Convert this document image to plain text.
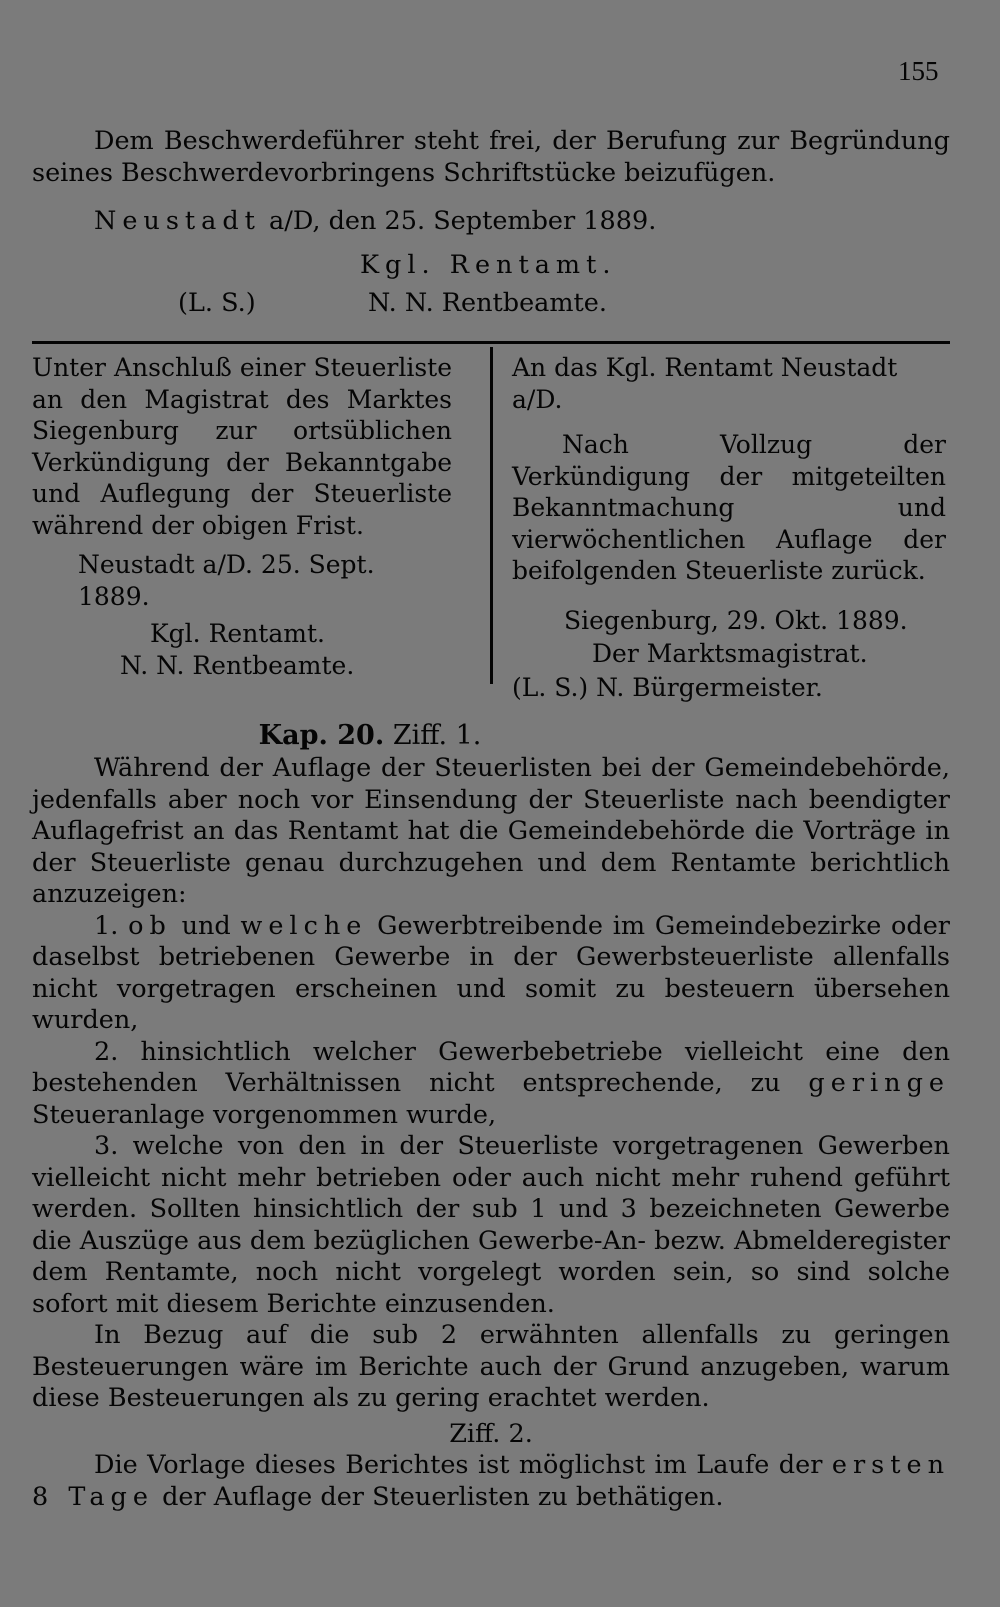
155
Dem Beschwerdeführer steht frei, der Berufung zur Begründung seines Beschwerdevorbringens Schriftstücke beizufügen.
Neustadt a/D, den 25. September 1889.
Kgl. Rentamt.
(L. S.)	N. N. Rentbeamte.

Unter Anschluß einer Steuerliste an den Magistrat des Marktes Siegenburg zur ortsüblichen Verkündigung der Bekanntgabe und Auflegung der Steuerliste während der obigen Frist.

Neustadt a/D. 25. Sept. 1889.

Kgl. Rentamt.

N. N. Rentbeamte.

An das Kgl. Rentamt Neustadt a/D.

Nach Vollzug der Verkündigung der mitgeteilten Bekanntmachung und vierwöchentlichen Auflage der beifolgenden Steuerliste zurück.

Siegenburg, 29. Okt. 1889.

Der Marktsmagistrat.

(L. S.) N. Bürgermeister.

Kap. 20. Ziff. 1.

Während der Auflage der Steuerlisten bei der Gemeindebehörde, jedenfalls aber noch vor Einsendung der Steuerliste nach beendigter Auflagefrist an das Rentamt hat die Gemeindebehörde die Vorträge in der Steuerliste genau durchzugehen und dem Rentamte berichtlich anzuzeigen:

1. ob und welche Gewerbtreibende im Gemeindebezirke oder daselbst betriebenen Gewerbe in der Gewerbsteuerliste allenfalls nicht vorgetragen erscheinen und somit zu besteuern übersehen wurden,

2. hinsichtlich welcher Gewerbebetriebe vielleicht eine den bestehenden Verhältnissen nicht entsprechende, zu geringe Steueranlage vorgenommen wurde,

3. welche von den in der Steuerliste vorgetragenen Gewerben vielleicht nicht mehr betrieben oder auch nicht mehr ruhend geführt werden. Sollten hinsichtlich der sub 1 und 3 bezeichneten Gewerbe die Auszüge aus dem bezüglichen Gewerbe-An- bezw. Abmelderegister dem Rentamte, noch nicht vorgelegt worden sein, so sind solche sofort mit diesem Berichte einzusenden.

In Bezug auf die sub 2 erwähnten allenfalls zu geringen Besteuerungen wäre im Berichte auch der Grund anzugeben, warum diese Besteuerungen als zu gering erachtet werden.

Ziff. 2.

Die Vorlage dieses Berichtes ist möglichst im Laufe der ersten 8 Tage der Auflage der Steuerlisten zu bethätigen.
